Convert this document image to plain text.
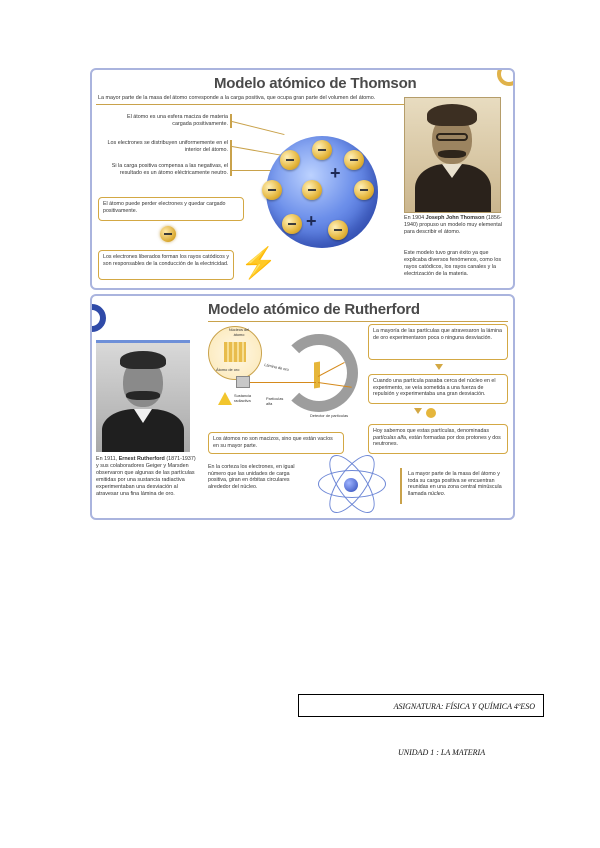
Modelo atómico de Thomson

La mayor parte de la masa del átomo corresponde a la carga positiva, que ocupa gran parte del volumen del átomo.

El átomo es una esfera maciza de materia cargada positivamente.

Los electrones se distribuyen uniformemente en el interior del átomo.

Si la carga positiva compensa a las negativas, el resultado es un átomo eléctricamente neutro.	+
+
El átomo puede perder electrones y quedar cargado positivamente.
Los electrones liberados forman los rayos catódicos y son responsables de la conducción de la electricidad. ⚡

En 1904 Joseph John Thomson (1856-1940) propuso un modelo muy elemental para describir el átomo.

Este modelo tuvo gran éxito ya que explicaba diversos fenómenos, como los rayos catódicos, los rayos canales y la electrización de la materia.

Modelo atómico de Rutherford

En 1911, Ernest Rutherford (1871-1937) y sus colaboradores Geiger y Marsden observaron que algunas de las partículas emitidas por una sustancia radiactiva experimentaban una desviación al atravesar una fina lámina de oro.

Núcleos del átomo
Átomo de oro	Lámina de oro
Sustancia radiactiva	Partículas alfa
Detector de partículas
La mayoría de las partículas que atravesaron la lámina de oro experimentaron poca o ninguna desviación.
Cuando una partícula pasaba cerca del núcleo en el experimento, se veía sometida a una fuerza de repulsión y experimentaba una gran desviación.
Hoy sabemos que estas partículas, denominadas partículas alfa, están formadas por dos protones y dos neutrones.
Los átomos no son macizos, sino que están vacíos en su mayor parte.

En la corteza los electrones, en igual número que las unidades de carga positiva, giran en órbitas circulares alrededor del núcleo.

La mayor parte de la masa del átomo y toda su carga positiva se encuentran reunidas en una zona central minúscula llamada núcleo.

ASIGNATURA: FÍSICA Y QUÍMICA 4ºESO
UNIDAD 1 : LA MATERIA
